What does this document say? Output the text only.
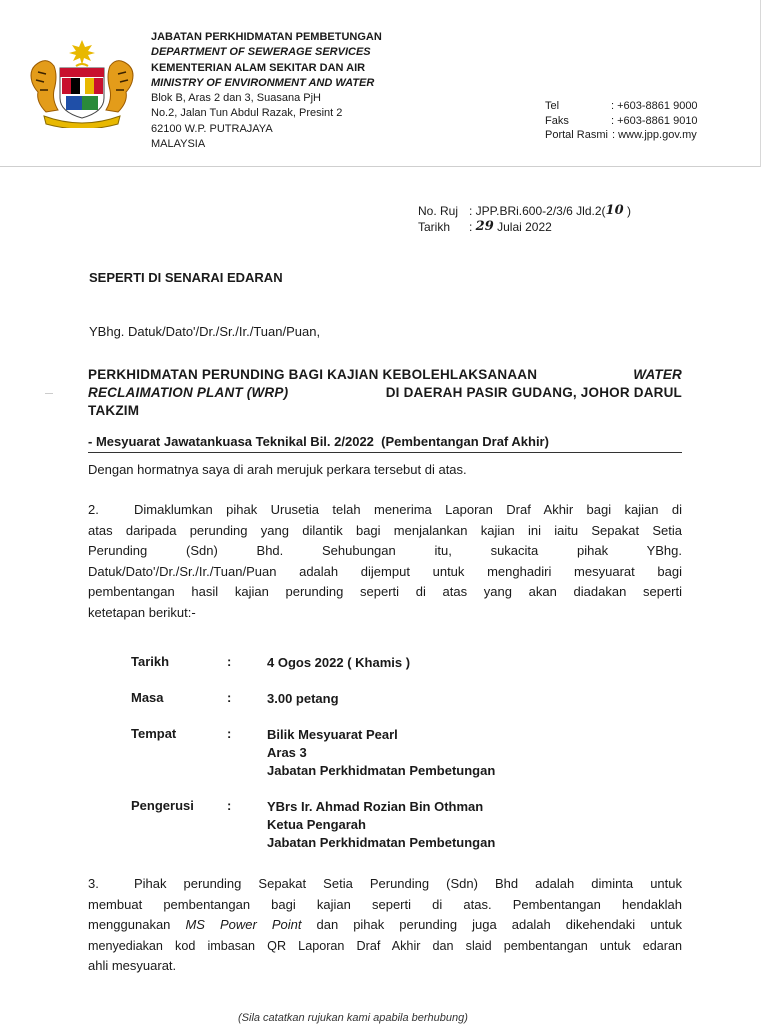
JABATAN PERKHIDMATAN PEMBETUNGAN
DEPARTMENT OF SEWERAGE SERVICES
KEMENTERIAN ALAM SEKITAR DAN AIR
MINISTRY OF ENVIRONMENT AND WATER
Blok B, Aras 2 dan 3, Suasana PjH
No.2, Jalan Tun Abdul Razak, Presint 2
62100 W.P. PUTRAJAYA
MALAYSIA
Tel	: +603-8861 9000
Faks	: +603-8861 9010
Portal Rasmi : www.jpp.gov.my
No. Ruj : JPP.BRi.600-2/3/6 Jld.2( 10 )
Tarikh	: 29 Julai 2022
SEPERTI DI SENARAI EDARAN
YBhg. Datuk/Dato'/Dr./Sr./Ir./Tuan/Puan,
PERKHIDMATAN PERUNDING BAGI KAJIAN KEBOLEHLAKSANAAN	WATER
RECLAIMATION PLANT (WRP)	DI DAERAH PASIR GUDANG, JOHOR DARUL
TAKZIM
- Mesyuarat Jawatankuasa Teknikal Bil. 2/2022  (Pembentangan Draf Akhir)
Dengan hormatnya saya di arah merujuk perkara tersebut di atas.
2.	Dimaklumkan pihak Urusetia telah menerima Laporan Draf Akhir bagi kajian di
atas daripada perunding yang dilantik bagi menjalankan kajian ini iaitu Sepakat Setia
Perunding (Sdn) Bhd. Sehubungan itu, sukacita pihak YBhg.
Datuk/Dato'/Dr./Sr./Ir./Tuan/Puan adalah dijemput untuk menghadiri mesyuarat bagi
pembentangan hasil kajian perunding seperti di atas yang akan diadakan seperti
ketetapan berikut:-
Tarikh	:	4 Ogos 2022 ( Khamis )
Masa	:	3.00 petang
Tempat	:	Bilik Mesyuarat Pearl
Aras 3
Jabatan Perkhidmatan Pembetungan
Pengerusi	:	YBrs Ir. Ahmad Rozian Bin Othman
Ketua Pengarah
Jabatan Perkhidmatan Pembetungan
3.	Pihak perunding Sepakat Setia Perunding (Sdn) Bhd adalah diminta untuk
membuat pembentangan bagi kajian seperti di atas. Pembentangan hendaklah
menggunakan MS Power Point dan pihak perunding juga adalah dikehendaki untuk
menyediakan kod imbasan QR Laporan Draf Akhir dan slaid pembentangan untuk edaran
ahli mesyuarat.
(Sila catatkan rujukan kami apabila berhubung)
